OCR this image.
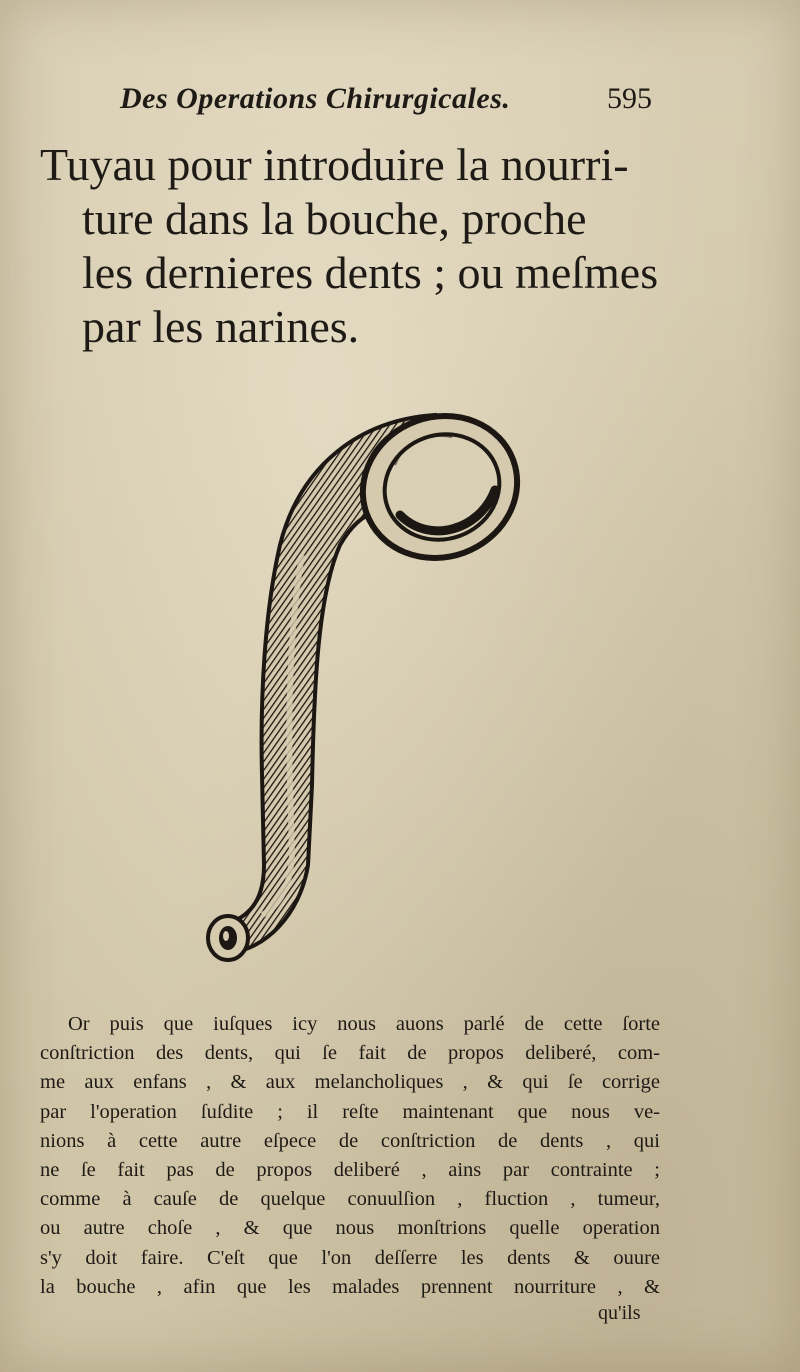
Des Operations Chirurgicales.	595
Tuyau pour introduire la nourri-
ture dans la bouche, proche
les dernieres dents ; ou meſmes
par les narines.
Or puis que iuſques icy nous auons parlé de cette ſorte
conſtriction des dents, qui ſe fait de propos deliberé, com-
me aux enfans , & aux melancholiques , & qui ſe corrige
par l'operation ſuſdite ; il reſte maintenant que nous ve-
nions à cette autre eſpece de conſtriction de dents , qui
ne ſe fait pas de propos deliberé , ains par contrainte ;
comme à cauſe de quelque conuulſion , fluction , tumeur,
ou autre choſe , & que nous monſtrions quelle operation
s'y doit faire. C'eſt que l'on deſſerre les dents & ouure
la bouche , afin que les malades prennent nourriture , &
qu'ils
